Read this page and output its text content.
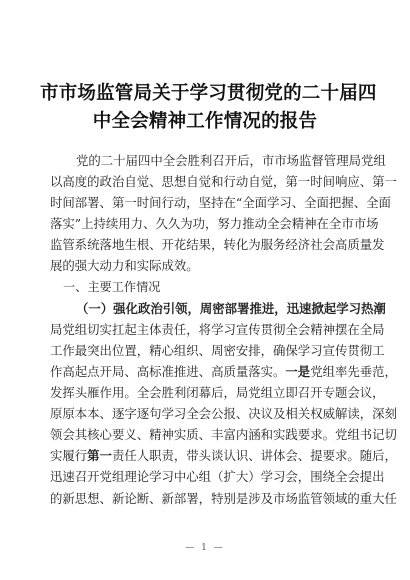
市市场监管局关于学习贯彻党的二十届四
中全会精神工作情况的报告
党的二十届四中全会胜利召开后，市市场监督管理局党组
以高度的政治自觉、思想自觉和行动自觉，第一时间响应、第一
时间部署、第一时间行动，坚持在“全面学习、全面把握、全面
落实”上持续用力、久久为功，努力推动全会精神在全市市场
监管系统落地生根、开花结果，转化为服务经济社会高质量发
展的强大动力和实际成效。
一、主要工作情况
（一）强化政治引领，周密部署推进，迅速掀起学习热潮
局党组切实扛起主体责任，将学习宣传贯彻全会精神摆在全局
工作最突出位置，精心组织、周密安排，确保学习宣传贯彻工
作高起点开局、高标准推进、高质量落实。一是党组率先垂范，
发挥头雁作用。全会胜利闭幕后，局党组立即召开专题会议，
原原本本、逐字逐句学习全会公报、决议及相关权威解读，深刻
领会其核心要义、精神实质、丰富内涵和实践要求。党组书记切
实履行第一责任人职责，带头谈认识、讲体会、提要求。随后，
迅速召开党组理论学习中心组（扩大）学习会，围绕全会提出
的新思想、新论断、新部署，特别是涉及市场监管领域的重大任
— 1 —
